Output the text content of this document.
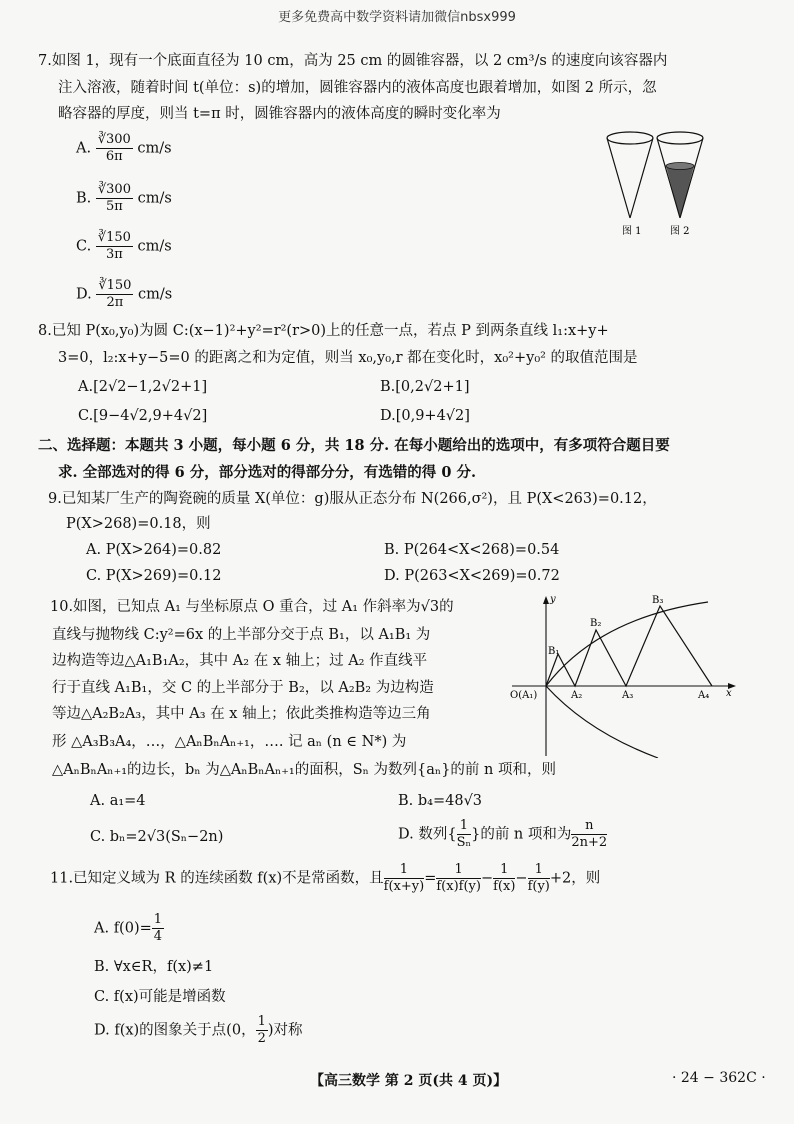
更多免费高中数学资料请加微信nbsx999
7.如图 1，现有一个底面直径为 10 cm，高为 25 cm 的圆锥容器，以 2 cm³/s 的速度向该容器内
注入溶液，随着时间 t(单位：s)的增加，圆锥容器内的液体高度也跟着增加，如图 2 所示，忽
略容器的厚度，则当 t=π 时，圆锥容器内的液体高度的瞬时变化率为
A. $\frac{∛300}{6\pi} cm/s$
B. $\frac{∛300}{5\pi} cm/s$
C. $\frac{∛150}{3\pi} cm/s$
D. $\frac{∛150}{2\pi} cm/s$
图 1	图 2
8.已知 P(x₀,y₀)为圆 C:(x−1)²+y²=r²(r>0)上的任意一点，若点 P 到两条直线 l₁:x+y+
3=0，l₂:x+y−5=0 的距离之和为定值，则当 x₀,y₀,r 都在变化时，x₀²+y₀² 的取值范围是
A.[2√2−1,2√2+1]	B.[0,2√2+1]
C.[9−4√2,9+4√2]	D.[0,9+4√2]
二、选择题：本题共 3 小题，每小题 6 分，共 18 分. 在每小题给出的选项中，有多项符合题目要
求. 全部选对的得 6 分，部分选对的得部分分，有选错的得 0 分.
9.已知某厂生产的陶瓷碗的质量 X(单位：g)服从正态分布 N(266,σ²)，且 P(X<263)=0.12，
P(X>268)=0.18，则
A. P(X>264)=0.82	B. P(264<X<268)=0.54
C. P(X>269)=0.12	D. P(263<X<269)=0.72
10.如图，已知点 A₁ 与坐标原点 O 重合，过 A₁ 作斜率为√3的
直线与抛物线 C:y²=6x 的上半部分交于点 B₁，以 A₁B₁ 为
边构造等边△A₁B₁A₂，其中 A₂ 在 x 轴上；过 A₂ 作直线平
行于直线 A₁B₁，交 C 的上半部分于 B₂，以 A₂B₂ 为边构造
等边△A₂B₂A₃，其中 A₃ 在 x 轴上；依此类推构造等边三角
形 △A₃B₃A₄，…，△AₙBₙAₙ₊₁，…. 记 aₙ (n ∈ N*) 为
△AₙBₙAₙ₊₁的边长，bₙ 为△AₙBₙAₙ₊₁的面积，Sₙ 为数列{aₙ}的前 n 项和，则
y
x
O(A₁)	A₂	A₃	A₄
B₁
B₂
B₃
A. a₁=4	B. b₄=48√3
C. bₙ=2√3(Sₙ−2n)	D. 数列{ $\frac{1}{\text{Sₙ}}$ }的前 n 项和为 $\frac{n}{2n+2}$
11.已知定义域为 R 的连续函数 f(x)不是常函数，且 $\frac{1}{f(x+y)} = \frac{1}{f(x)f(y)} - \frac{1}{f(x)} - \frac{1}{f(y)} +2$，则
A. $f(0)= \frac{1}{4}$
B. ∀x∈R，f(x)≠1
C. f(x)可能是增函数
D. f(x)的图象关于点(0， $\frac{1}{2}$ )对称
【高三数学 第 2 页(共 4 页)】	· 24 − 362C ·
